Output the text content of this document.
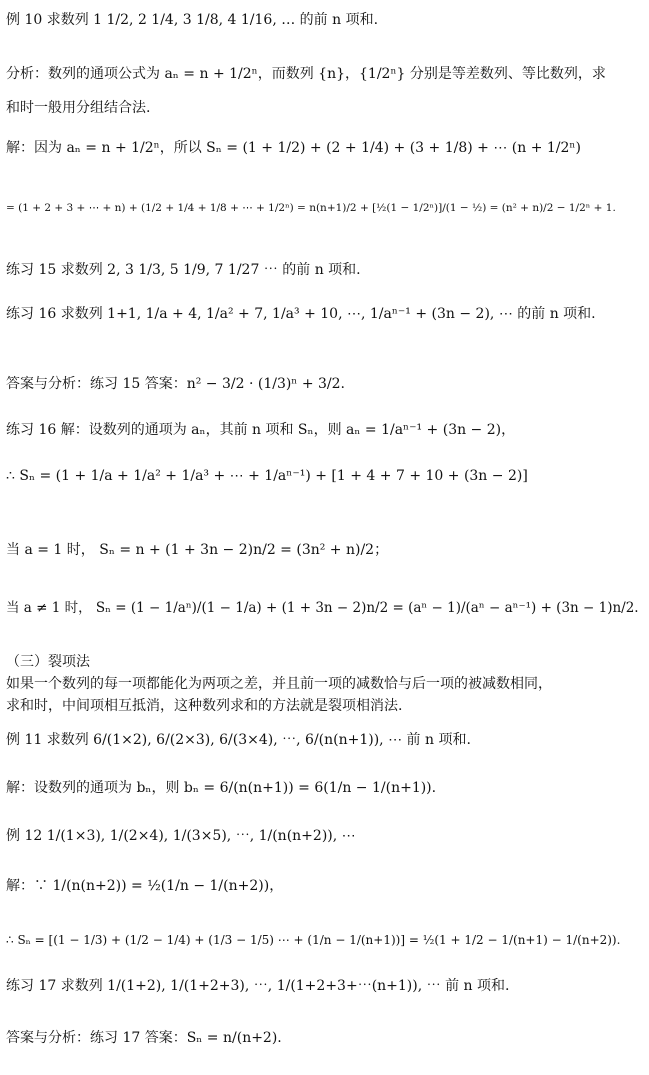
例 10 求数列 1 1/2, 2 1/4, 3 1/8, 4 1/16, … 的前 n 项和.
分析：数列的通项公式为 aₙ = n + 1/2ⁿ，而数列 {n}，{1/2ⁿ} 分别是等差数列、等比数列，求
和时一般用分组结合法.
解：因为 aₙ = n + 1/2ⁿ，所以 Sₙ = (1 + 1/2) + (2 + 1/4) + (3 + 1/8) + ⋯ (n + 1/2ⁿ)
= (1 + 2 + 3 + ⋯ + n) + (1/2 + 1/4 + 1/8 + ⋯ + 1/2ⁿ) = n(n+1)/2 + [½(1 − 1/2ⁿ)]/(1 − ½) = (n² + n)/2 − 1/2ⁿ + 1.
练习 15 求数列 2, 3 1/3, 5 1/9, 7 1/27 ⋯ 的前 n 项和.
练习 16 求数列 1+1, 1/a + 4, 1/a² + 7, 1/a³ + 10, ⋯, 1/aⁿ⁻¹ + (3n − 2), ⋯ 的前 n 项和.
答案与分析：练习 15 答案：n² − 3/2 · (1/3)ⁿ + 3/2.
练习 16 解：设数列的通项为 aₙ，其前 n 项和 Sₙ，则 aₙ = 1/aⁿ⁻¹ + (3n − 2)，
∴ Sₙ = (1 + 1/a + 1/a² + 1/a³ + ⋯ + 1/aⁿ⁻¹) + [1 + 4 + 7 + 10 + (3n − 2)]
当 a = 1 时， Sₙ = n + (1 + 3n − 2)n/2 = (3n² + n)/2；
当 a ≠ 1 时， Sₙ = (1 − 1/aⁿ)/(1 − 1/a) + (1 + 3n − 2)n/2 = (aⁿ − 1)/(aⁿ − aⁿ⁻¹) + (3n − 1)n/2.
（三）裂项法
如果一个数列的每一项都能化为两项之差，并且前一项的减数恰与后一项的被减数相同，
求和时，中间项相互抵消，这种数列求和的方法就是裂项相消法.
例 11 求数列 6/(1×2), 6/(2×3), 6/(3×4), ⋯, 6/(n(n+1)), ⋯ 前 n 项和.
解：设数列的通项为 bₙ，则 bₙ = 6/(n(n+1)) = 6(1/n − 1/(n+1)).
例 12 1/(1×3), 1/(2×4), 1/(3×5), ⋯, 1/(n(n+2)), ⋯
解：∵ 1/(n(n+2)) = ½(1/n − 1/(n+2))，
∴ Sₙ = [(1 − 1/3) + (1/2 − 1/4) + (1/3 − 1/5) ⋯ + (1/n − 1/(n+1))] = ½(1 + 1/2 − 1/(n+1) − 1/(n+2)).
练习 17 求数列 1/(1+2), 1/(1+2+3), ⋯, 1/(1+2+3+⋯(n+1)), ⋯ 前 n 项和.
答案与分析：练习 17 答案：Sₙ = n/(n+2).
